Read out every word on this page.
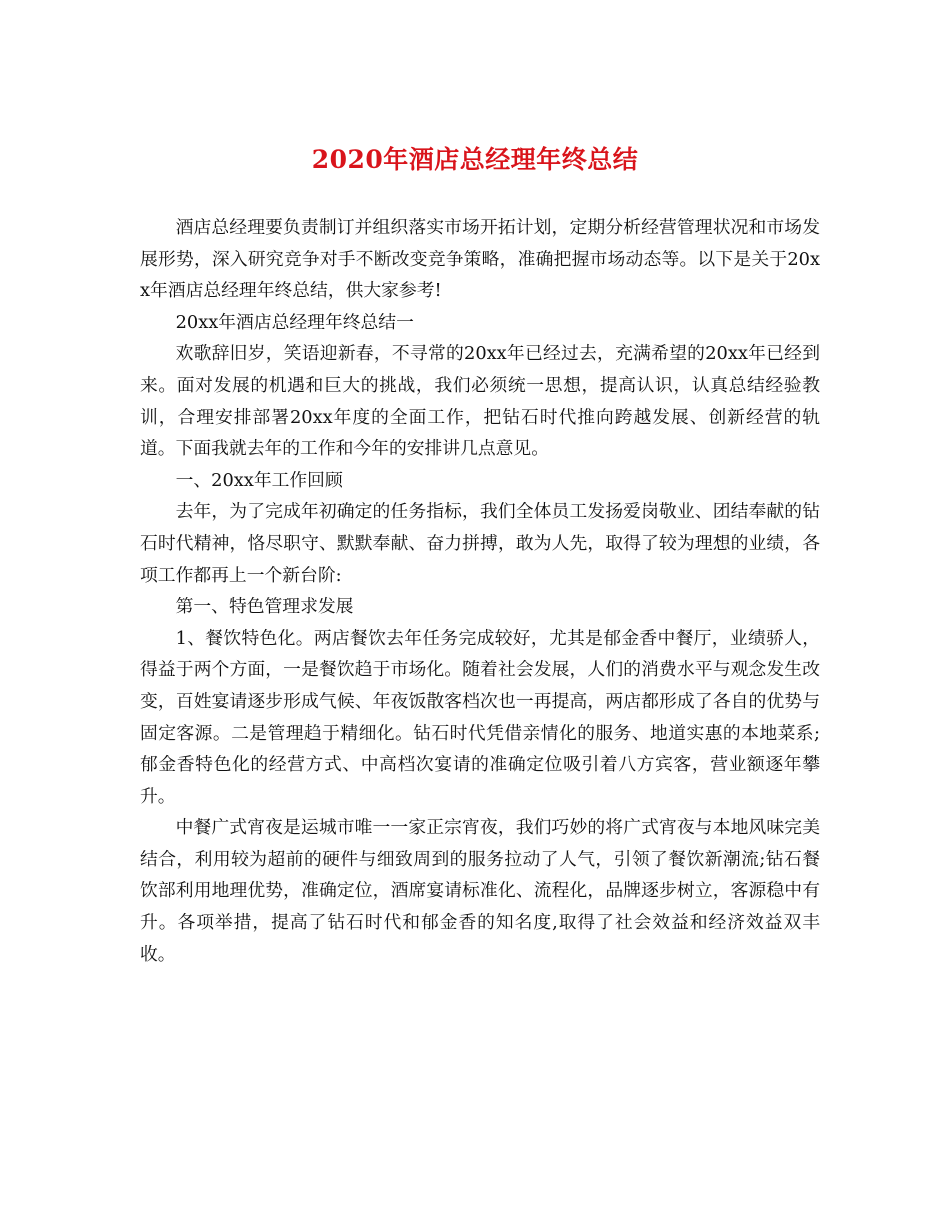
2020年酒店总经理年终总结

酒店总经理要负责制订并组织落实市场开拓计划，定期分析经营管理状况和市场发展形势，深入研究竞争对手不断改变竞争策略，准确把握市场动态等。以下是关于20xx年酒店总经理年终总结，供大家参考!

20xx年酒店总经理年终总结一

欢歌辞旧岁，笑语迎新春，不寻常的20xx年已经过去，充满希望的20xx年已经到来。面对发展的机遇和巨大的挑战，我们必须统一思想，提高认识，认真总结经验教训，合理安排部署20xx年度的全面工作，把钻石时代推向跨越发展、创新经营的轨道。下面我就去年的工作和今年的安排讲几点意见。

一、20xx年工作回顾

去年，为了完成年初确定的任务指标，我们全体员工发扬爱岗敬业、团结奉献的钻石时代精神，恪尽职守、默默奉献、奋力拼搏，敢为人先，取得了较为理想的业绩，各项工作都再上一个新台阶:

第一、特色管理求发展

1、餐饮特色化。两店餐饮去年任务完成较好，尤其是郁金香中餐厅，业绩骄人，得益于两个方面，一是餐饮趋于市场化。随着社会发展，人们的消费水平与观念发生改变，百姓宴请逐步形成气候、年夜饭散客档次也一再提高，两店都形成了各自的优势与固定客源。二是管理趋于精细化。钻石时代凭借亲情化的服务、地道实惠的本地菜系;郁金香特色化的经营方式、中高档次宴请的准确定位吸引着八方宾客，营业额逐年攀升。

中餐广式宵夜是运城市唯一一家正宗宵夜，我们巧妙的将广式宵夜与本地风味完美结合，利用较为超前的硬件与细致周到的服务拉动了人气，引领了餐饮新潮流;钻石餐饮部利用地理优势，准确定位，酒席宴请标准化、流程化，品牌逐步树立，客源稳中有升。各项举措，提高了钻石时代和郁金香的知名度,取得了社会效益和经济效益双丰收。
